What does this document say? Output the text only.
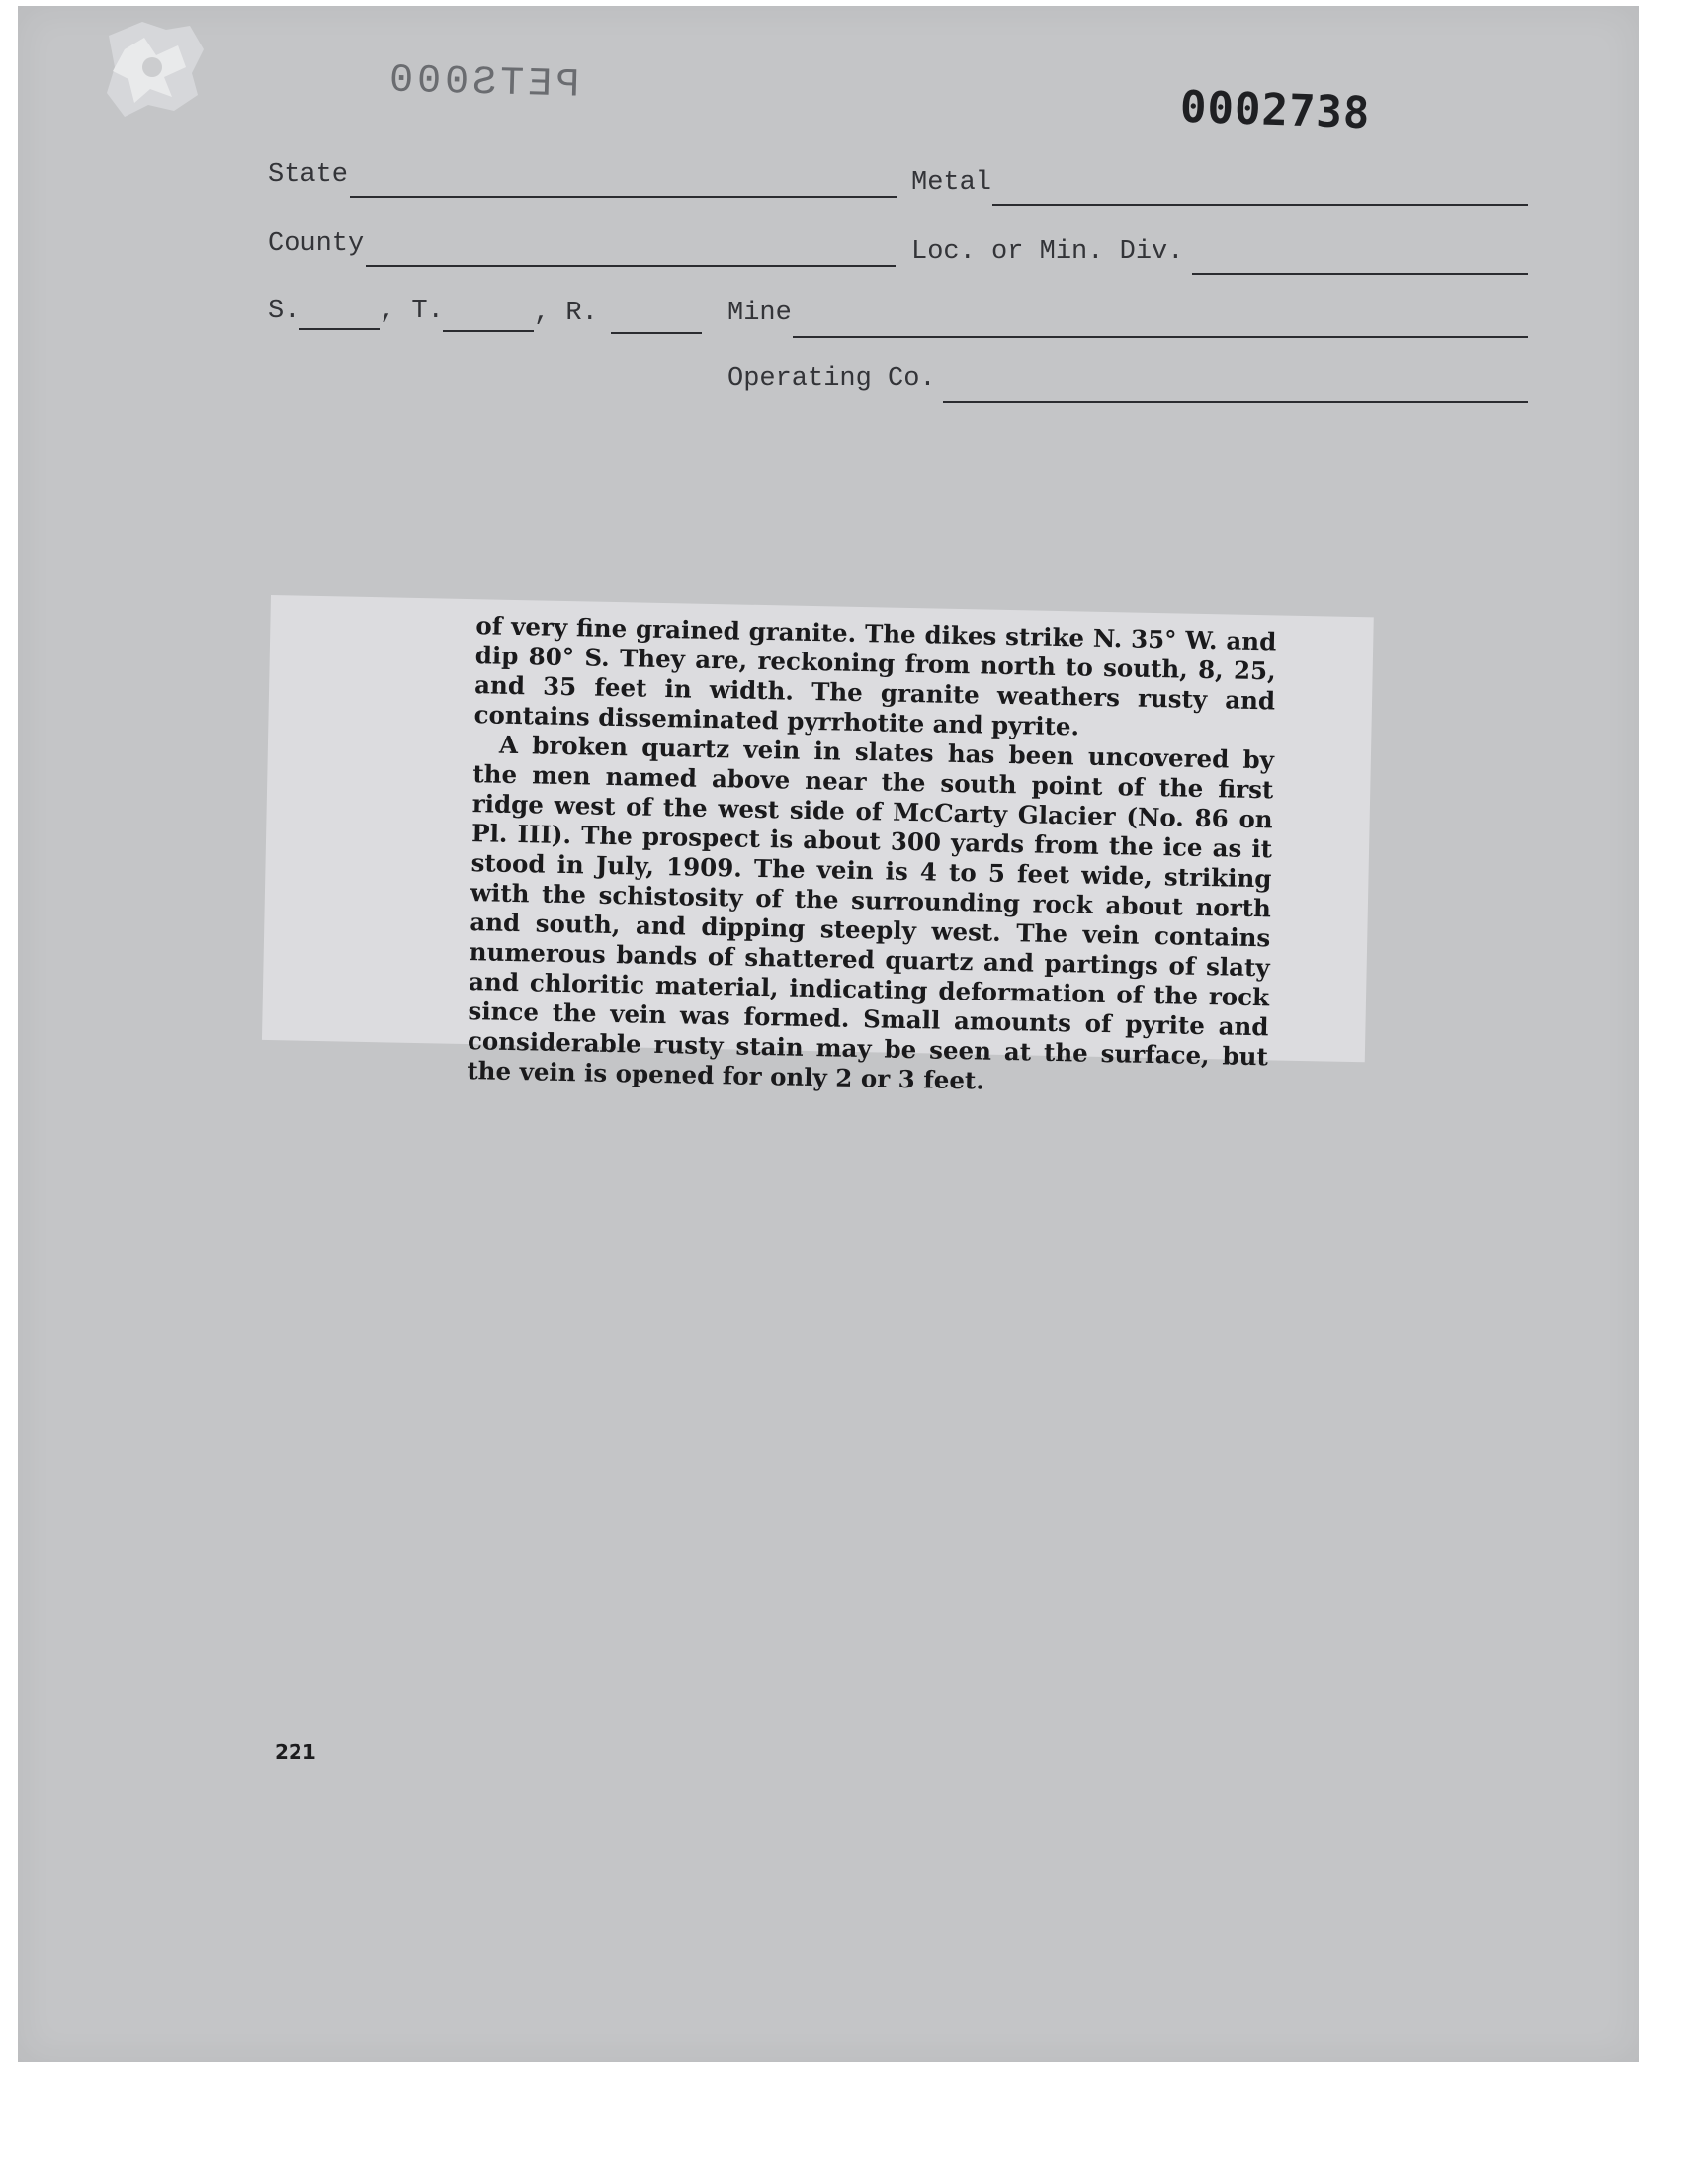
PETS000	0002738
State	Metal
County	Loc. or Min. Div.
S.	, T.	, R.	Mine
Operating Co.

of very fine grained granite. The dikes strike N. 35° W. and dip 80° S. They are, reckoning from north to south, 8, 25, and 35 feet in width. The granite weathers rusty and contains disseminated pyrrhotite and pyrite.

A broken quartz vein in slates has been uncovered by the men named above near the south point of the first ridge west of the west side of McCarty Glacier (No. 86 on Pl. III). The prospect is about 300 yards from the ice as it stood in July, 1909. The vein is 4 to 5 feet wide, striking with the schistosity of the surrounding rock about north and south, and dipping steeply west. The vein contains numerous bands of shattered quartz and partings of slaty and chloritic material, indicating deformation of the rock since the vein was formed. Small amounts of pyrite and considerable rusty stain may be seen at the surface, but the vein is opened for only 2 or 3 feet.

221
